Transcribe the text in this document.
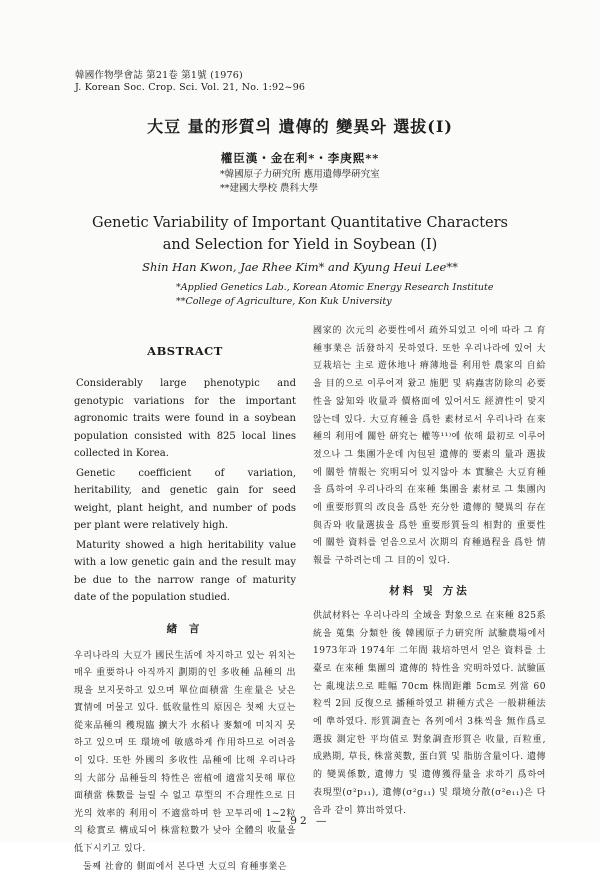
韓國作物學會誌 第21卷 第1號 (1976)
J. Korean Soc. Crop. Sci. Vol. 21, No. 1:92~96
大豆 量的形質의 遺傳的 變異와 選拔(Ⅰ)
權臣漢・金在利*・李庚熙**
*韓國原子力硏究所 應用遺傳學硏究室
**建國大學校 農科大學
Genetic Variability of Important Quantitative Characters
and Selection for Yield in Soybean (Ⅰ)
Shin Han Kwon, Jae Rhee Kim* and Kyung Heui Lee**
*Applied Genetics Lab., Korean Atomic Energy Research Institute
**College of Agriculture, Kon Kuk University
ABSTRACT

Considerably large phenotypic and genotypic variations for the important agronomic traits were found in a soybean population consisted with 825 local lines collected in Korea.

Genetic coefficient of variation, heritability, and genetic gain for seed weight, plant height, and number of pods per plant were relatively high.

Maturity showed a high heritability value with a low genetic gain and the result may be due to the narrow range of maturity date of the population studied.

緖 言

우리나라의 大豆가 國民生活에 차지하고 있는 위치는 매우 重要하나 아직까지 劃期的인 多收種 品種의 出現을 보지못하고 있으며 單位面積當 生産量은 낮은 實情에 머물고 있다. 低收量性의 原因은 첫째 大豆는 從來品種의 穫現臨 擴大가 水稻나 麥類에 미치지 못하고 있으며 또 環境에 敏感하게 作用하므로 어려움이 있다. 또한 外國의 多收性 品種에 比해 우리나라의 大部分 品種들의 特性은 密植에 適當치못해 單位面積當 株數를 늘릴 수 없고 草型의 不合理性으로 日光의 效率的 利用이 不適當하며 한 꼬투리에 1~2粒의 稔實로 構成되어 株當粒數가 낮아 全體의 收量을 低下시키고 있다.

둘째 社會的 側面에서 본다면 大豆의 育種事業은

國家的 次元의 必要性에서 疏外되었고 이에 따라 그 育種事業은 活發하지 못하였다. 또한 우리나라에 있어 大豆栽培는 主로 遊休地나 瘠薄地를 利用한 農家의 自給을 目的으로 이루어져 왔고 施肥 및 病蟲害防除의 必要性을 앓知와 收量과 價格面에 있어서도 經濟性이 맞지 않는데 있다. 大豆育種을 爲한 素材로서 우리나라 在來種의 利用에 關한 硏究는 權等¹¹⁾에 依해 最初로 이루어졌으나 그 集團가운데 內包된 遺傳的 要素의 量과 選拔에 關한 情報는 究明되어 있지않아 本 實驗은 大豆育種을 爲하여 우리나라의 在來種 集團을 素材로 그 集團內에 重要形質의 改良을 爲한 充分한 遺傳的 變異의 存在 與否와 收量選拔을 爲한 重要形質들의 相對的 重要性에 關한 資料를 얻음으로서 次期의 育種過程을 爲한 情報를 구하려는데 그 目的이 있다.

材料 및 方法

供試材料는 우리나라의 全域을 對象으로 在來種 825系統을 蒐集 分類한 後 韓國原子力硏究所 試驗農場에서 1973年과 1974年 二年間 栽培하면서 얻은 資料를 土臺로 在來種 集團의 遺傳的 特性을 究明하였다. 試驗區는 亂塊法으로 畦幅 70cm 株間距離 5cm로 列當 60粒씩 2回 反復으로 播種하였고 耕種方式은 一般耕種法에 準하였다. 形質調査는 各列에서 3株씩을 無作爲로 選拔 測定한 平均值로 對象調査形質은 收量, 百粒重, 成熟期, 草長, 株當莢數, 蛋白質 및 脂肪含量이다. 遺傳的 變異係數, 遺傳力 및 遺傳獲得量을 求하기 爲하여 表現型(σ²p₁₁), 遺傳(σ²g₁₁) 및 環境分散(σ²e₁₁)은 다음과 같이 算出하였다.

— 92 —
